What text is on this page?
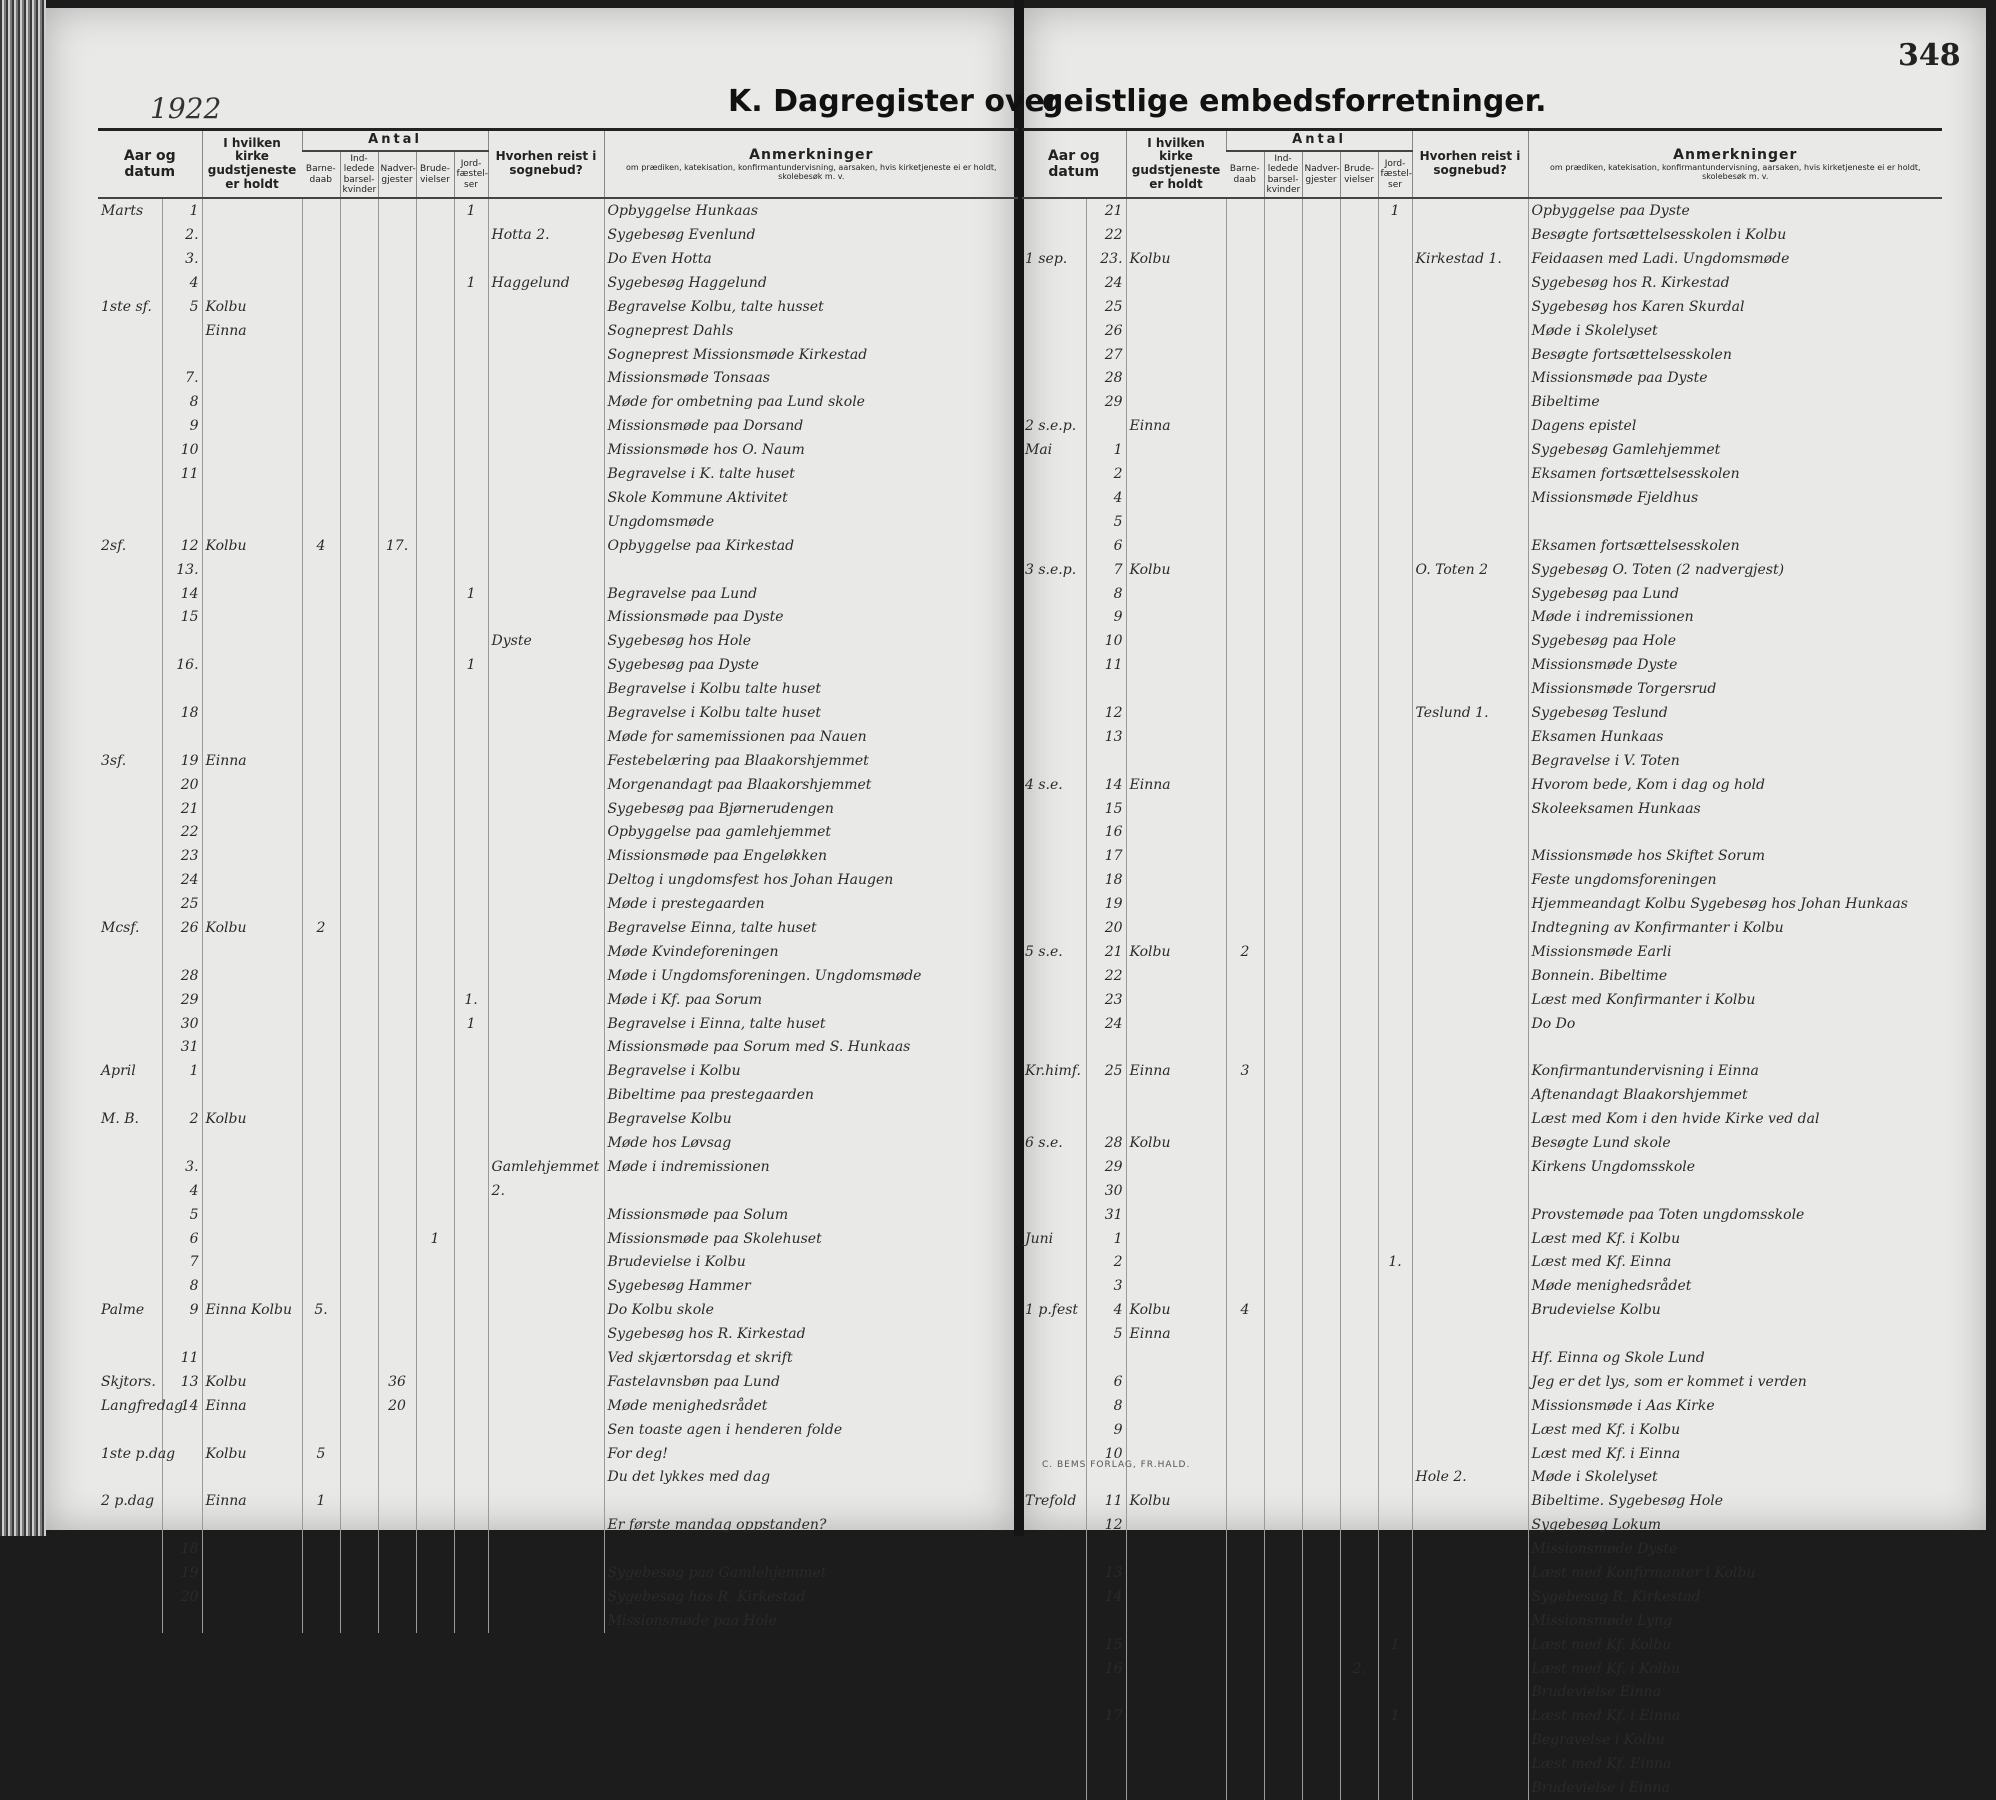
1922	K. Dagregister over
geistlige embedsforretninger.
348
Aar og datum		I hvilken kirke gudstjeneste er holdt	Antal					Hvorhen reist i sognebud?	Anmerkninger
om prædiken, katekisation, konfirmantundervisning, aarsaken, hvis kirketjeneste ei er holdt, skolebesøk m. v.

			Barne-daab	Ind-ledede barsel-kvinder	Nadver-gjester	Brude-vielser	Jord-fæstel-ser		
Marts	1						1		Opbyggelse Hunkaas
	2.							Hotta 2.	Sygebesøg Evenlund
	3.								Do Even Hotta
	4						1	Haggelund	Sygebesøg Haggelund
1ste sf.	5	Kolbu							Begravelse Kolbu, talte husset
		Einna							Sogneprest Dahls
									Sogneprest Missionsmøde Kirkestad
	7.								Missionsmøde Tonsaas
	8								Møde for ombetning paa Lund skole
	9								Missionsmøde paa Dorsand
	10								Missionsmøde hos O. Naum
	11								Begravelse i K. talte huset
									Skole Kommune Aktivitet
									Ungdomsmøde
2sf.	12	Kolbu	4		17.				Opbyggelse paa Kirkestad
	13.								
	14						1		Begravelse paa Lund
	15								Missionsmøde paa Dyste
								Dyste	Sygebesøg hos Hole
	16.						1		Sygebesøg paa Dyste
									Begravelse i Kolbu talte huset
	18								Begravelse i Kolbu talte huset
									Møde for samemissionen paa Nauen
3sf.	19	Einna							Festebelæring paa Blaakorshjemmet
	20								Morgenandagt paa Blaakorshjemmet
	21								Sygebesøg paa Bjørnerudengen
	22								Opbyggelse paa gamlehjemmet
	23								Missionsmøde paa Engeløkken
	24								Deltog i ungdomsfest hos Johan Haugen
	25								Møde i prestegaarden
Mcsf.	26	Kolbu	2						Begravelse Einna, talte huset
									Møde Kvindeforeningen
	28								Møde i Ungdomsforeningen. Ungdomsmøde
	29						1.		Møde i Kf. paa Sorum
	30						1		Begravelse i Einna, talte huset
	31								Missionsmøde paa Sorum med S. Hunkaas
April	1								Begravelse i Kolbu
									Bibeltime paa prestegaarden
M. B.	2	Kolbu							Begravelse Kolbu
									Møde hos Løvsag
	3.							Gamlehjemmet	Møde i indremissionen
	4							2.	
	5								Missionsmøde paa Solum
	6					1			Missionsmøde paa Skolehuset
	7								Brudevielse i Kolbu
	8								Sygebesøg Hammer
Palme	9	Einna Kolbu	5.						Do Kolbu skole
									Sygebesøg hos R. Kirkestad
	11								Ved skjærtorsdag et skrift
Skjtors.	13	Kolbu			36				Fastelavnsbøn paa Lund
Langfredag	14	Einna			20				Møde menighedsrådet
									Sen toaste agen i henderen folde
1ste p.dag		Kolbu	5						For deg!
									Du det lykkes med dag
2 p.dag		Einna	1						
									Er første mandag oppstanden?
	18								
	19								Sygebesøg paa Gamlehjemmet
	20								Sygebesøg hos R. Kirkestad
									Missionsmøde paa Hole
Aar og datum		I hvilken kirke gudstjeneste er holdt	Antal					Hvorhen reist i sognebud?	Anmerkninger
om prædiken, katekisation, konfirmantundervisning, aarsaken, hvis kirketjeneste ei er holdt, skolebesøk m. v.

			Barne-daab	Ind-ledede barsel-kvinder	Nadver-gjester	Brude-vielser	Jord-fæstel-ser		
	21						1		Opbyggelse paa Dyste
	22								Besøgte fortsættelsesskolen i Kolbu
1 sep.	23.	Kolbu						Kirkestad 1.	Feidaasen med Ladi. Ungdomsmøde
	24								Sygebesøg hos R. Kirkestad
	25								Sygebesøg hos Karen Skurdal
	26								Møde i Skolelyset
	27								Besøgte fortsættelsesskolen
	28								Missionsmøde paa Dyste
	29								Bibeltime
2 s.e.p.		Einna							Dagens epistel
Mai	1								Sygebesøg Gamlehjemmet
	2								Eksamen fortsættelsesskolen
	4								Missionsmøde Fjeldhus
	5								
	6								Eksamen fortsættelsesskolen
3 s.e.p.	7	Kolbu						O. Toten 2	Sygebesøg O. Toten (2 nadvergjest)
	8								Sygebesøg paa Lund
	9								Møde i indremissionen
	10								Sygebesøg paa Hole
	11								Missionsmøde Dyste
									Missionsmøde Torgersrud
	12							Teslund 1.	Sygebesøg Teslund
	13								Eksamen Hunkaas
									Begravelse i V. Toten
4 s.e.	14	Einna							Hvorom bede, Kom i dag og hold
	15								Skoleeksamen Hunkaas
	16								
	17								Missionsmøde hos Skiftet Sorum
	18								Feste ungdomsforeningen
	19								Hjemmeandagt Kolbu Sygebesøg hos Johan Hunkaas
	20								Indtegning av Konfirmanter i Kolbu
5 s.e.	21	Kolbu	2						Missionsmøde Earli
	22								Bonnein. Bibeltime
	23								Læst med Konfirmanter i Kolbu
	24								Do Do

Kr.himf.	25	Einna	3						Konfirmantundervisning i Einna
									Aftenandagt Blaakorshjemmet
									Læst med Kom i den hvide Kirke ved dal
6 s.e.	28	Kolbu							Besøgte Lund skole
	29								Kirkens Ungdomsskole
	30								
	31								Provstemøde paa Toten ungdomsskole
Juni	1								Læst med Kf. i Kolbu
	2						1.		Læst med Kf. Einna
	3								Møde menighedsrådet
1 p.fest	4	Kolbu	4						Brudevielse Kolbu
	5	Einna							
									Hf. Einna og Skole Lund
	6								Jeg er det lys, som er kommet i verden
	8								Missionsmøde i Aas Kirke
	9								Læst med Kf. i Kolbu
	10								Læst med Kf. i Einna
								Hole 2.	Møde i Skolelyset
Trefold	11	Kolbu							Bibeltime. Sygebesøg Hole
	12								Sygebesøg Lokum
									Missionsmøde Dyste
	13								Læst med Konfirmanter i Kolbu
	14								Sygebesøg R. Kirkestad
									Missionsmøde Lyng
	15						1		Læst med Kf. Kolbu
	16					2.			Læst med Kf. i Kolbu
									Brudevielse Einna
	17						1		Læst med Kf. i Einna
									Begravelse i Kolbu
									Læst med Kf. Einna
									Brudevielse i Einna
C. BEMS FORLAG, FR.HALD.
